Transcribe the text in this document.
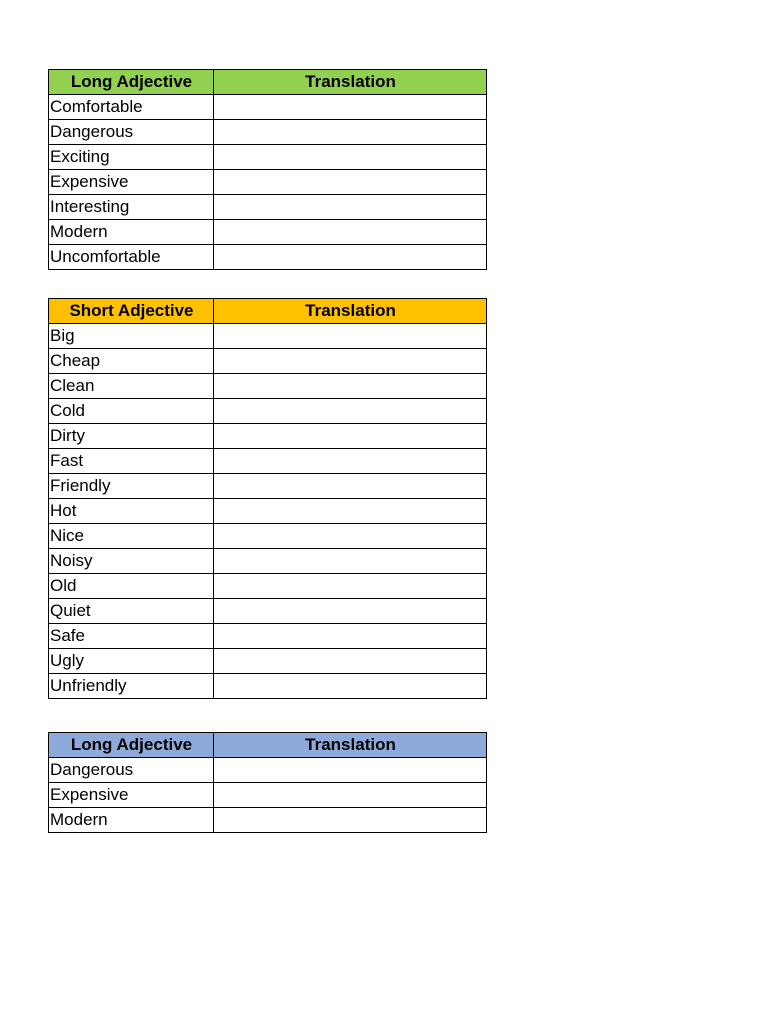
Long Adjective	Translation
Comfortable	
Dangerous	
Exciting	
Expensive	
Interesting	
Modern	
Uncomfortable	
Short Adjective	Translation
Big	
Cheap	
Clean	
Cold	
Dirty	
Fast	
Friendly	
Hot	
Nice	
Noisy	
Old	
Quiet	
Safe	
Ugly	
Unfriendly	
Long Adjective	Translation
Dangerous	
Expensive	
Modern	
